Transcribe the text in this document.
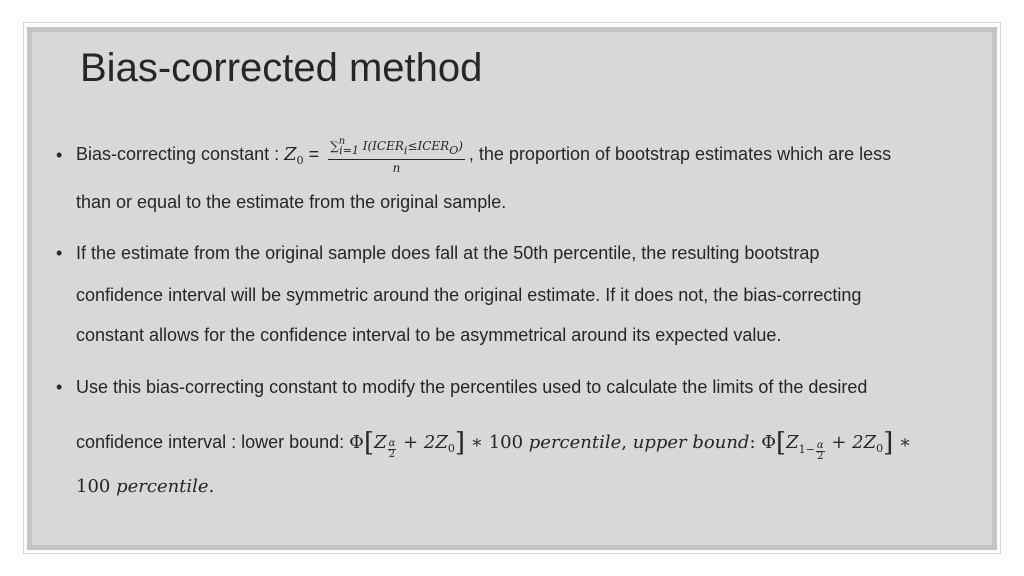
Bias-corrected method
• Bias-correcting constant : $Z_0 = \frac{\sum^ni=1 I(ICERi\le ICERO)}{n}$ , the proportion of bootstrap estimates which are less
than or equal to the estimate from the original sample.
• If the estimate from the original sample does fall at the 50th percentile, the resulting bootstrap
confidence interval will be symmetric around the original estimate. If it does not, the bias-correcting
constant allows for the confidence interval to be asymmetrical around its expected value.
• Use this bias-correcting constant to modify the percentiles used to calculate the limits of the desired
confidence interval : lower bound: $\Phi[Z \frac{\alpha}{2} + 2Z_0]$ ∗ 100 percentile, upper bound: $\Phi[Z_{1- \frac{\alpha}{2}} + 2Z_0]$ ∗
100 percentile.
